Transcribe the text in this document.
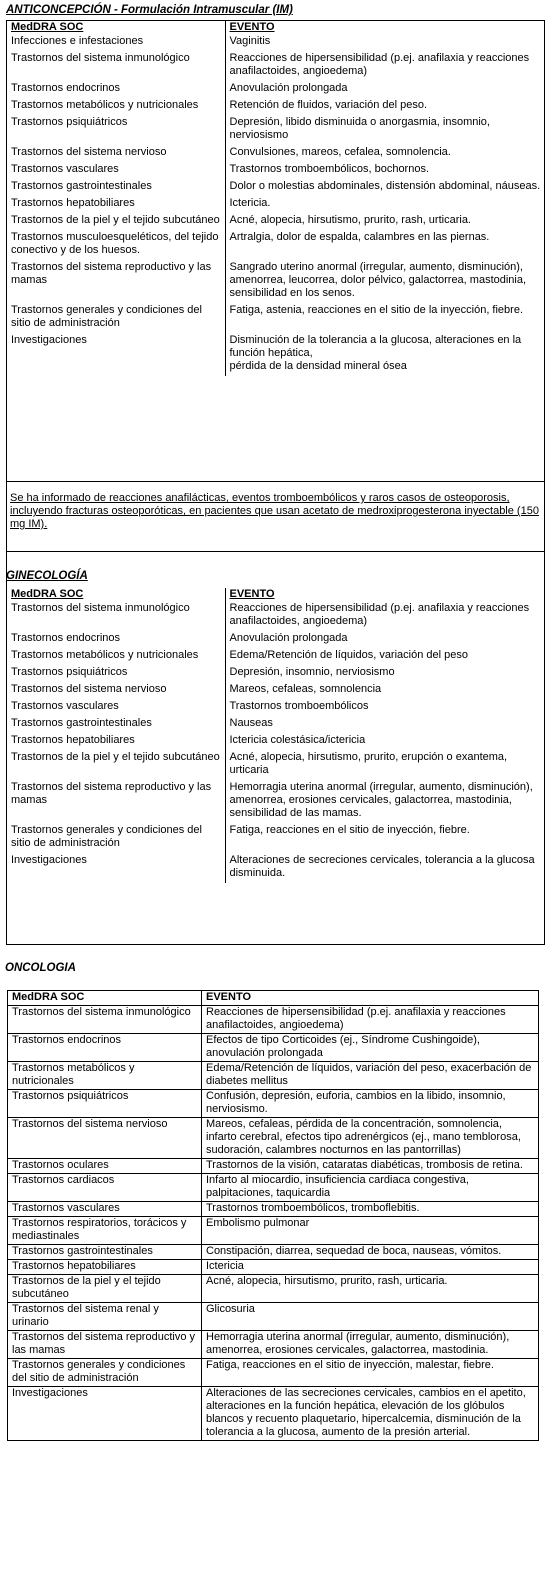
ANTICONCEPCIÓN - Formulación Intramuscular (IM)
MedDRA SOC	EVENTO
Infecciones e infestaciones	Vaginitis
Trastornos del sistema inmunológico	Reacciones de hipersensibilidad (p.ej. anafilaxia y reacciones anafilactoides, angioedema)
Trastornos endocrinos	Anovulación prolongada
Trastornos metabólicos y nutricionales	Retención de fluidos, variación del peso.
Trastornos psiquiátricos	Depresión, libido disminuida o anorgasmia, insomnio, nerviosismo
Trastornos del sistema nervioso	Convulsiones, mareos, cefalea, somnolencia.
Trastornos vasculares	Trastornos tromboembólicos, bochornos.
Trastornos gastrointestinales	Dolor o molestias abdominales, distensión abdominal, náuseas.
Trastornos hepatobiliares	Ictericia.
Trastornos de la piel y el tejido subcutáneo	Acné, alopecia, hirsutismo, prurito, rash, urticaria.
Trastornos musculoesqueléticos, del tejido conectivo y de los huesos.	Artralgia, dolor de espalda, calambres en las piernas.
Trastornos del sistema reproductivo y las mamas	Sangrado uterino anormal (irregular, aumento, disminución), amenorrea, leucorrea, dolor pélvico, galactorrea, mastodinia, sensibilidad en los senos.
Trastornos generales y condiciones del sitio de administración	Fatiga, astenia, reacciones en el sitio de la inyección, fiebre.
Investigaciones	Disminución de la tolerancia a la glucosa, alteraciones en la función hepática,
pérdida de la densidad mineral ósea
Se ha informado de reacciones anafilácticas, eventos tromboembólicos y raros casos de osteoporosis, incluyendo fracturas osteoporóticas, en pacientes que usan acetato de medroxiprogesterona inyectable (150 mg IM).
GINECOLOGÍA
MedDRA SOC	EVENTO
Trastornos del sistema inmunológico	Reacciones de hipersensibilidad (p.ej. anafilaxia y reacciones anafilactoides, angioedema)
Trastornos endocrinos	Anovulación prolongada
Trastornos metabólicos y nutricionales	Edema/Retención de líquidos, variación del peso
Trastornos psiquiátricos	Depresión, insomnio, nerviosismo
Trastornos del sistema nervioso	Mareos, cefaleas, somnolencia
Trastornos vasculares	Trastornos tromboembólicos
Trastornos gastrointestinales	Nauseas
Trastornos hepatobiliares	Ictericia colestásica/ictericia
Trastornos de la piel y el tejido subcutáneo	Acné, alopecia, hirsutismo, prurito, erupción o exantema, urticaria
Trastornos del sistema reproductivo y las mamas	Hemorragia uterina anormal (irregular, aumento, disminución), amenorrea, erosiones cervicales, galactorrea, mastodinia, sensibilidad de las mamas.
Trastornos generales y condiciones del sitio de administración	Fatiga, reacciones en el sitio de inyección, fiebre.
Investigaciones	Alteraciones de secreciones cervicales, tolerancia a la glucosa disminuida.
ONCOLOGIA
MedDRA SOC	EVENTO
Trastornos del sistema inmunológico	Reacciones de hipersensibilidad (p.ej. anafilaxia y reacciones anafilactoides, angioedema)
Trastornos endocrinos	Efectos de tipo Corticoides (ej., Síndrome Cushingoide), anovulación prolongada
Trastornos metabólicos y nutricionales	Edema/Retención de líquidos, variación del peso, exacerbación de diabetes mellitus
Trastornos psiquiátricos	Confusión, depresión, euforia, cambios en la libido, insomnio, nerviosismo.
Trastornos del sistema nervioso	Mareos, cefaleas, pérdida de la concentración, somnolencia, infarto cerebral, efectos tipo adrenérgicos (ej., mano temblorosa, sudoración, calambres nocturnos en las pantorrillas)
Trastornos oculares	Trastornos de la visión, cataratas diabéticas, trombosis de retina.
Trastornos cardiacos	Infarto al miocardio, insuficiencia cardiaca congestiva, palpitaciones, taquicardia
Trastornos vasculares	Trastornos tromboembólicos, tromboflebitis.
Trastornos respiratorios, torácicos y mediastinales	Embolismo pulmonar
Trastornos gastrointestinales	Constipación, diarrea, sequedad de boca, nauseas, vómitos.
Trastornos hepatobiliares	Ictericia
Trastornos de la piel y el tejido subcutáneo	Acné, alopecia, hirsutismo, prurito, rash, urticaria.
Trastornos del sistema renal y urinario	Glicosuria
Trastornos del sistema reproductivo y las mamas	Hemorragia uterina anormal (irregular, aumento, disminución), amenorrea, erosiones cervicales, galactorrea, mastodinia.
Trastornos generales y condiciones
del sitio de administración	Fatiga, reacciones en el sitio de inyección, malestar, fiebre.
Investigaciones	Alteraciones de las secreciones cervicales, cambios en el apetito, alteraciones en la función hepática, elevación de los glóbulos blancos y recuento plaquetario, hipercalcemia, disminución de la tolerancia a la glucosa, aumento de la presión arterial.
